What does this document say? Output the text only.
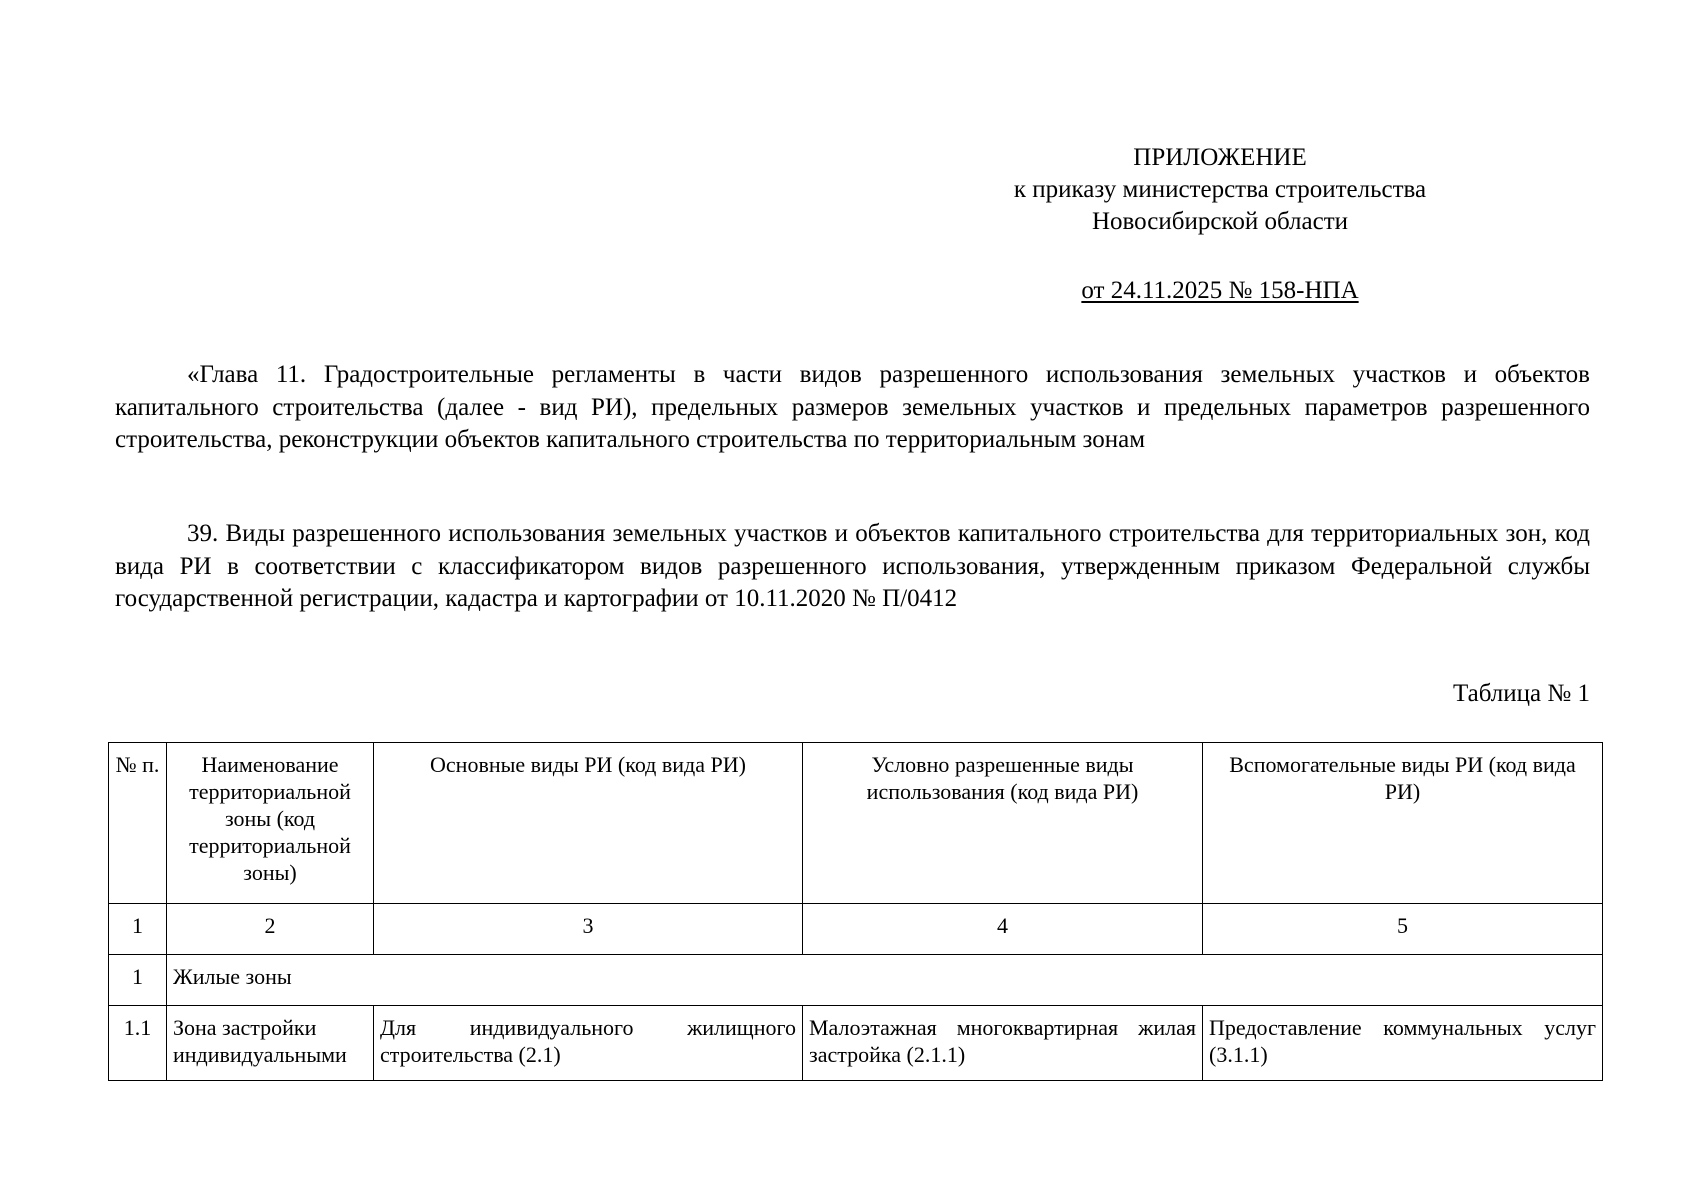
ПРИЛОЖЕНИЕ
к приказу министерства строительства
Новосибирской области
от 24.11.2025 № 158-НПА
«Глава 11. Градостроительные регламенты в части видов разрешенного использования земельных участков и объектов капитального строительства (далее - вид РИ), предельных размеров земельных участков и предельных параметров разрешенного строительства, реконструкции объектов капитального строительства по территориальным зонам
39. Виды разрешенного использования земельных участков и объектов капитального строительства для территориальных зон, код вида РИ в соответствии с классификатором видов разрешенного использования, утвержденным приказом Федеральной службы государственной регистрации, кадастра и картографии от 10.11.2020 № П/0412
Таблица № 1
№ п.	Наименование территориальной зоны (код территориальной зоны)	Основные виды РИ (код вида РИ)	Условно разрешенные виды использования (код вида РИ)	Вспомогательные виды РИ (код вида РИ)
1	2	3	4	5
1	Жилые зоны			
1.1	Зона застройки индивидуальными	Для индивидуального жилищного строительства (2.1)	Малоэтажная многоквартирная жилая застройка (2.1.1)	Предоставление коммунальных услуг (3.1.1)
